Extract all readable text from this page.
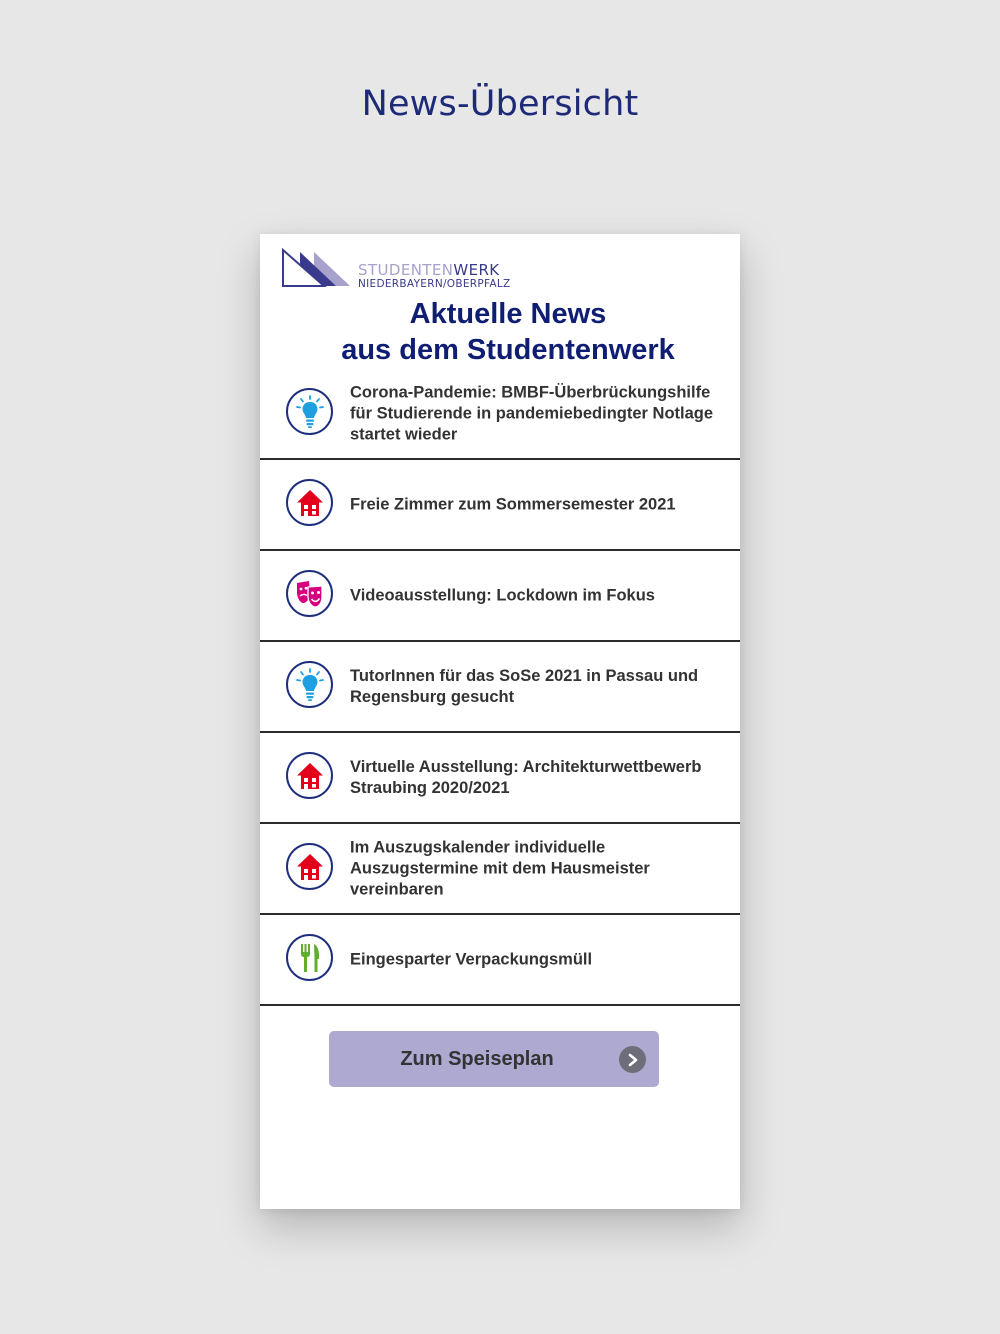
News-Übersicht
STUDENTENWERK
NIEDERBAYERN/OBERPFALZ
Aktuelle News
aus dem Studentenwerk
Corona-Pandemie: BMBF-Überbrückungshilfe für Studierende in pandemiebedingter Notlage startet wieder
Freie Zimmer zum Sommersemester 2021
Videoausstellung: Lockdown im Fokus
TutorInnen für das SoSe 2021 in Passau und Regensburg gesucht
Virtuelle Ausstellung: Architekturwettbewerb Straubing 2020/2021
Im Auszugskalender individuelle Auszugstermine mit dem Hausmeister vereinbaren
Eingesparter Verpackungsmüll
Zum Speiseplan
